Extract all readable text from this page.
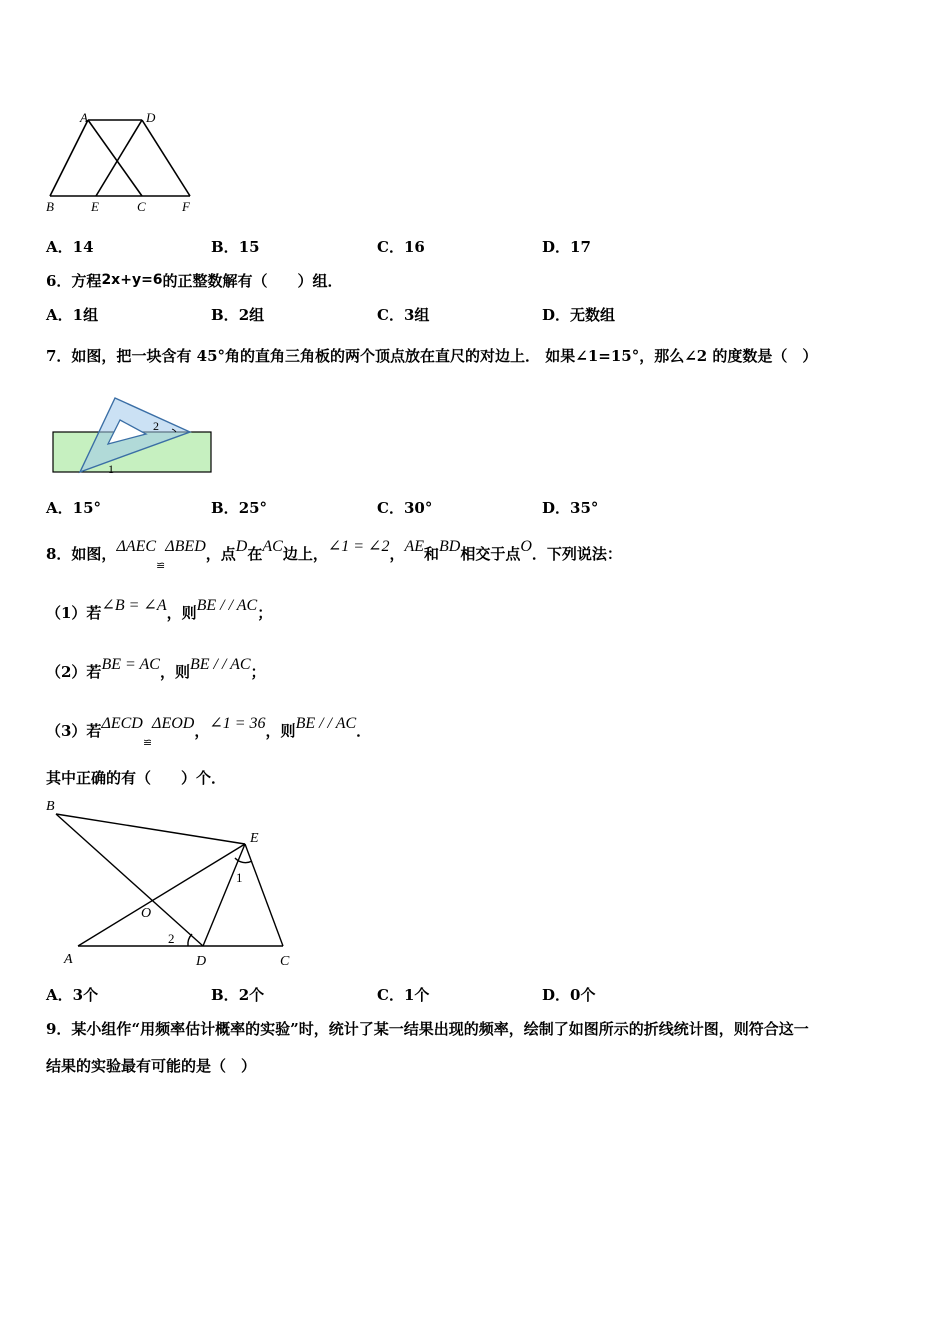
A	D
B	E	C	F
A．14	B．15	C．16	D．17
6．方程2x+y=6的正整数解有（　　）组．
A．1组	B．2组	C．3组	D．无数组
7．如图，把一块含有 45°角的直角三角板的两个顶点放在直尺的对边上． 如果∠1=15°，那么∠2 的度数是（　）
2
1
A．15°	B．25°	C．30°	D．35°
8．如图，$\Delta AEC_≌\Delta BED$，点D在AC边上，∠1 = ∠2，AE和BD相交于点O．下列说法：
（1）若∠B = ∠A，则BE / / AC；
（2）若BE = AC，则BE / / AC；
（3）若$\Delta ECD_≌\Delta EOD$，∠1 = 36，则BE / / AC．
其中正确的有（　　）个．
B
E
O
A	D	C
1
2
A．3个	B．2个	C．1个	D．0个
9．某小组作“用频率估计概率的实验”时，统计了某一结果出现的频率，绘制了如图所示的折线统计图，则符合这一
结果的实验最有可能的是（　）
